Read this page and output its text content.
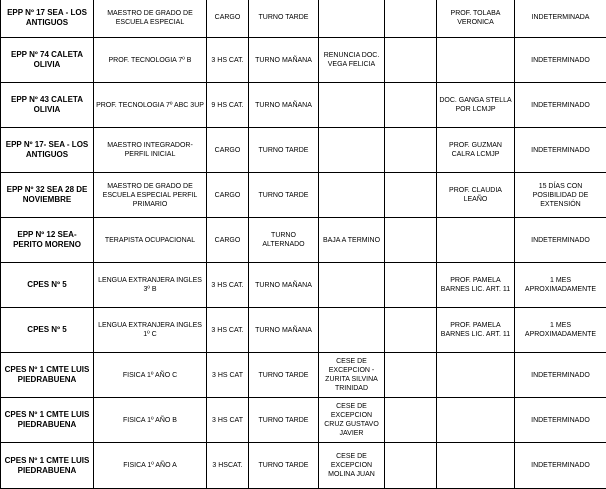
EPP Nº 17 SEA - LOS ANTIGUOS	MAESTRO DE GRADO DE ESCUELA ESPECIAL	CARGO	TURNO TARDE			PROF. TOLABA VERONICA	INDETERMINADA
EPP Nº 74 CALETA OLIVIA	PROF. TECNOLOGIA 7º B	3 HS CAT.	TURNO MAÑANA	RENUNCIA DOC. VEGA FELICIA			INDETERMINADO
EPP Nº 43 CALETA OLIVIA	PROF. TECNOLOGIA 7º ABC 3UP	9 HS CAT.	TURNO MAÑANA			DOC. GANGA STELLA POR LCMJP	INDETERMINADO
EPP Nº 17- SEA - LOS ANTIGUOS	MAESTRO INTEGRADOR- PERFIL INICIAL	CARGO	TURNO TARDE			PROF. GUZMAN CALRA LCMJP	INDETERMINADO
EPP Nº 32 SEA 28 DE NOVIEMBRE	MAESTRO DE GRADO DE ESCUELA ESPECIAL PERFIL PRIMARIO	CARGO	TURNO TARDE			PROF. CLAUDIA LEAÑO	15 DÍAS CON POSIBILIDAD DE EXTENSIÓN
EPP Nº 12 SEA- PERITO MORENO	TERAPISTA OCUPACIONAL	CARGO	TURNO ALTERNADO	BAJA A TERMINO			INDETERMINADO
CPES Nº 5	LENGUA EXTRANJERA INGLES 3º B	3 HS CAT.	TURNO MAÑANA			PROF. PAMELA BARNES LIC. ART. 11	1 MES APROXIMADAMENTE
CPES Nº 5	LENGUA EXTRANJERA INGLES 1º C	3 HS CAT.	TURNO MAÑANA			PROF. PAMELA BARNES LIC. ART. 11	1 MES APROXIMADAMENTE
CPES Nº 1 CMTE LUIS PIEDRABUENA	FISICA 1º AÑO C	3 HS CAT	TURNO TARDE	CESE DE EXCEPCION - ZURITA SILVINA TRINIDAD			INDETERMINADO
CPES Nº 1 CMTE LUIS PIEDRABUENA	FISICA 1º AÑO B	3 HS CAT	TURNO TARDE	CESE DE EXCEPCION CRUZ GUSTAVO JAVIER			INDETERMINADO
CPES Nº 1 CMTE LUIS PIEDRABUENA	FISICA 1º AÑO A	3 HSCAT.	TURNO TARDE	CESE DE EXCEPCION MOLINA JUAN			INDETERMINADO
